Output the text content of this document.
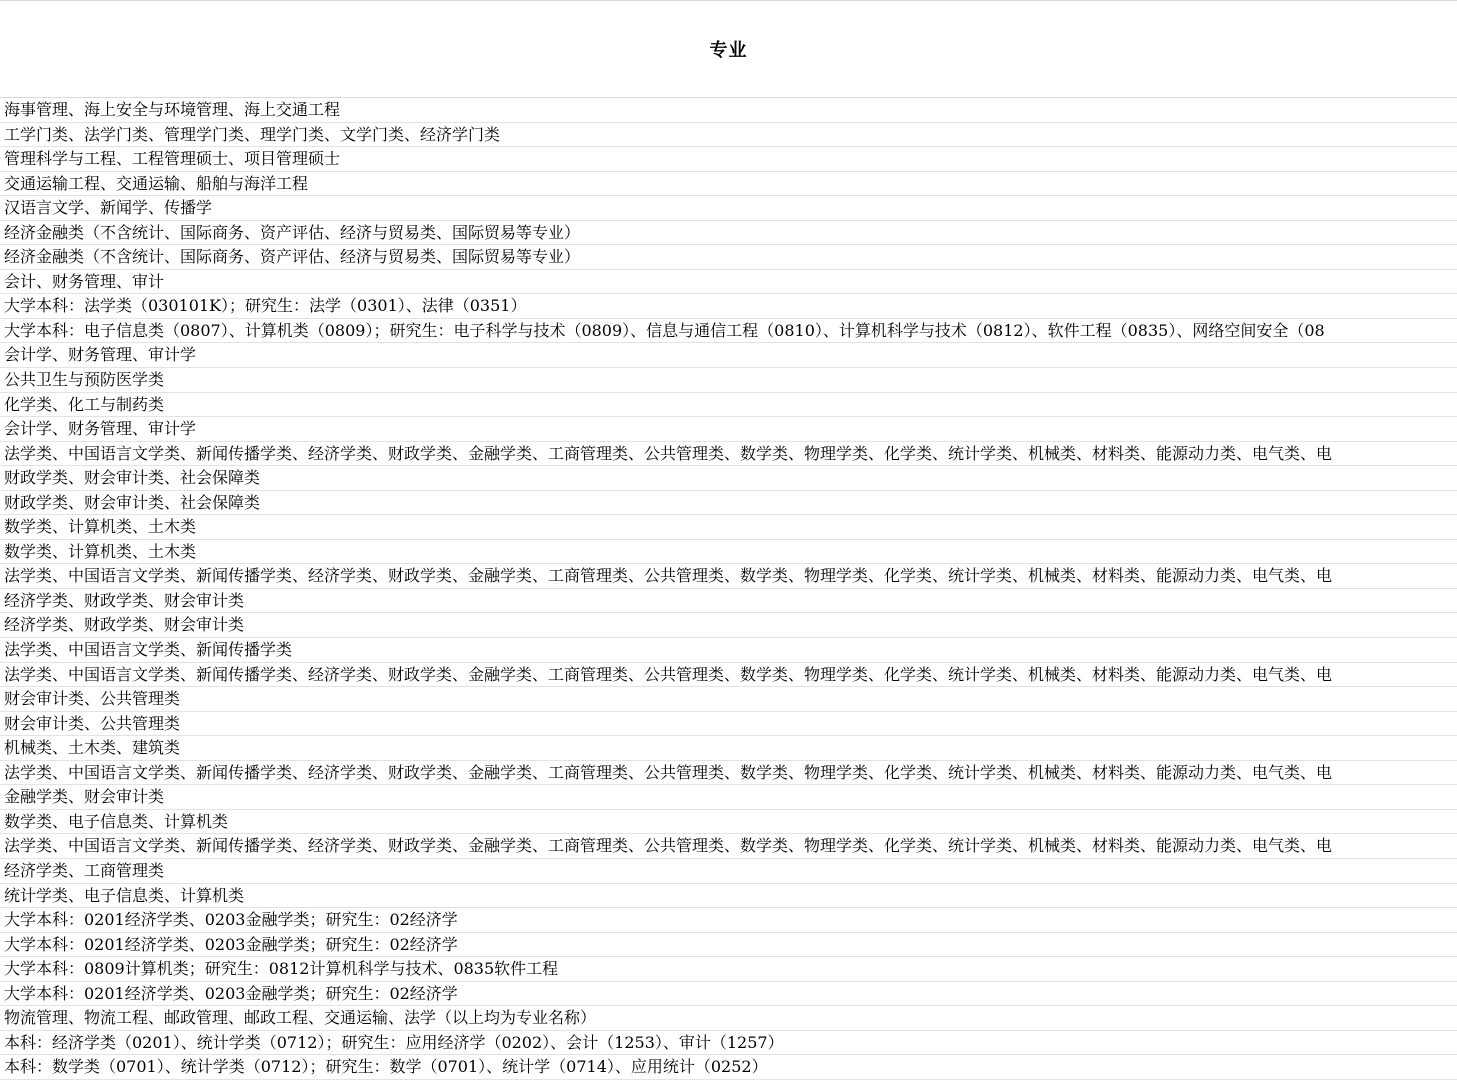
专业
海事管理、海上安全与环境管理、海上交通工程
工学门类、法学门类、管理学门类、理学门类、文学门类、经济学门类
管理科学与工程、工程管理硕士、项目管理硕士
交通运输工程、交通运输、船舶与海洋工程
汉语言文学、新闻学、传播学
经济金融类（不含统计、国际商务、资产评估、经济与贸易类、国际贸易等专业）
经济金融类（不含统计、国际商务、资产评估、经济与贸易类、国际贸易等专业）
会计、财务管理、审计
大学本科：法学类（030101K）；研究生：法学（0301）、法律（0351）
大学本科：电子信息类（0807）、计算机类（0809）；研究生：电子科学与技术（0809）、信息与通信工程（0810）、计算机科学与技术（0812）、软件工程（0835）、网络空间安全（08
会计学、财务管理、审计学
公共卫生与预防医学类
化学类、化工与制药类
会计学、财务管理、审计学
法学类、中国语言文学类、新闻传播学类、经济学类、财政学类、金融学类、工商管理类、公共管理类、数学类、物理学类、化学类、统计学类、机械类、材料类、能源动力类、电气类、电
财政学类、财会审计类、社会保障类
财政学类、财会审计类、社会保障类
数学类、计算机类、土木类
数学类、计算机类、土木类
法学类、中国语言文学类、新闻传播学类、经济学类、财政学类、金融学类、工商管理类、公共管理类、数学类、物理学类、化学类、统计学类、机械类、材料类、能源动力类、电气类、电
经济学类、财政学类、财会审计类
经济学类、财政学类、财会审计类
法学类、中国语言文学类、新闻传播学类
法学类、中国语言文学类、新闻传播学类、经济学类、财政学类、金融学类、工商管理类、公共管理类、数学类、物理学类、化学类、统计学类、机械类、材料类、能源动力类、电气类、电
财会审计类、公共管理类
财会审计类、公共管理类
机械类、土木类、建筑类
法学类、中国语言文学类、新闻传播学类、经济学类、财政学类、金融学类、工商管理类、公共管理类、数学类、物理学类、化学类、统计学类、机械类、材料类、能源动力类、电气类、电
金融学类、财会审计类
数学类、电子信息类、计算机类
法学类、中国语言文学类、新闻传播学类、经济学类、财政学类、金融学类、工商管理类、公共管理类、数学类、物理学类、化学类、统计学类、机械类、材料类、能源动力类、电气类、电
经济学类、工商管理类
统计学类、电子信息类、计算机类
大学本科：0201经济学类、0203金融学类；研究生：02经济学
大学本科：0201经济学类、0203金融学类；研究生：02经济学
大学本科：0809计算机类；研究生：0812计算机科学与技术、0835软件工程
大学本科：0201经济学类、0203金融学类；研究生：02经济学
物流管理、物流工程、邮政管理、邮政工程、交通运输、法学（以上均为专业名称）
本科：经济学类（0201）、统计学类（0712）；研究生：应用经济学（0202）、会计（1253）、审计（1257）
本科：数学类（0701）、统计学类（0712）；研究生：数学（0701）、统计学（0714）、应用统计（0252）
